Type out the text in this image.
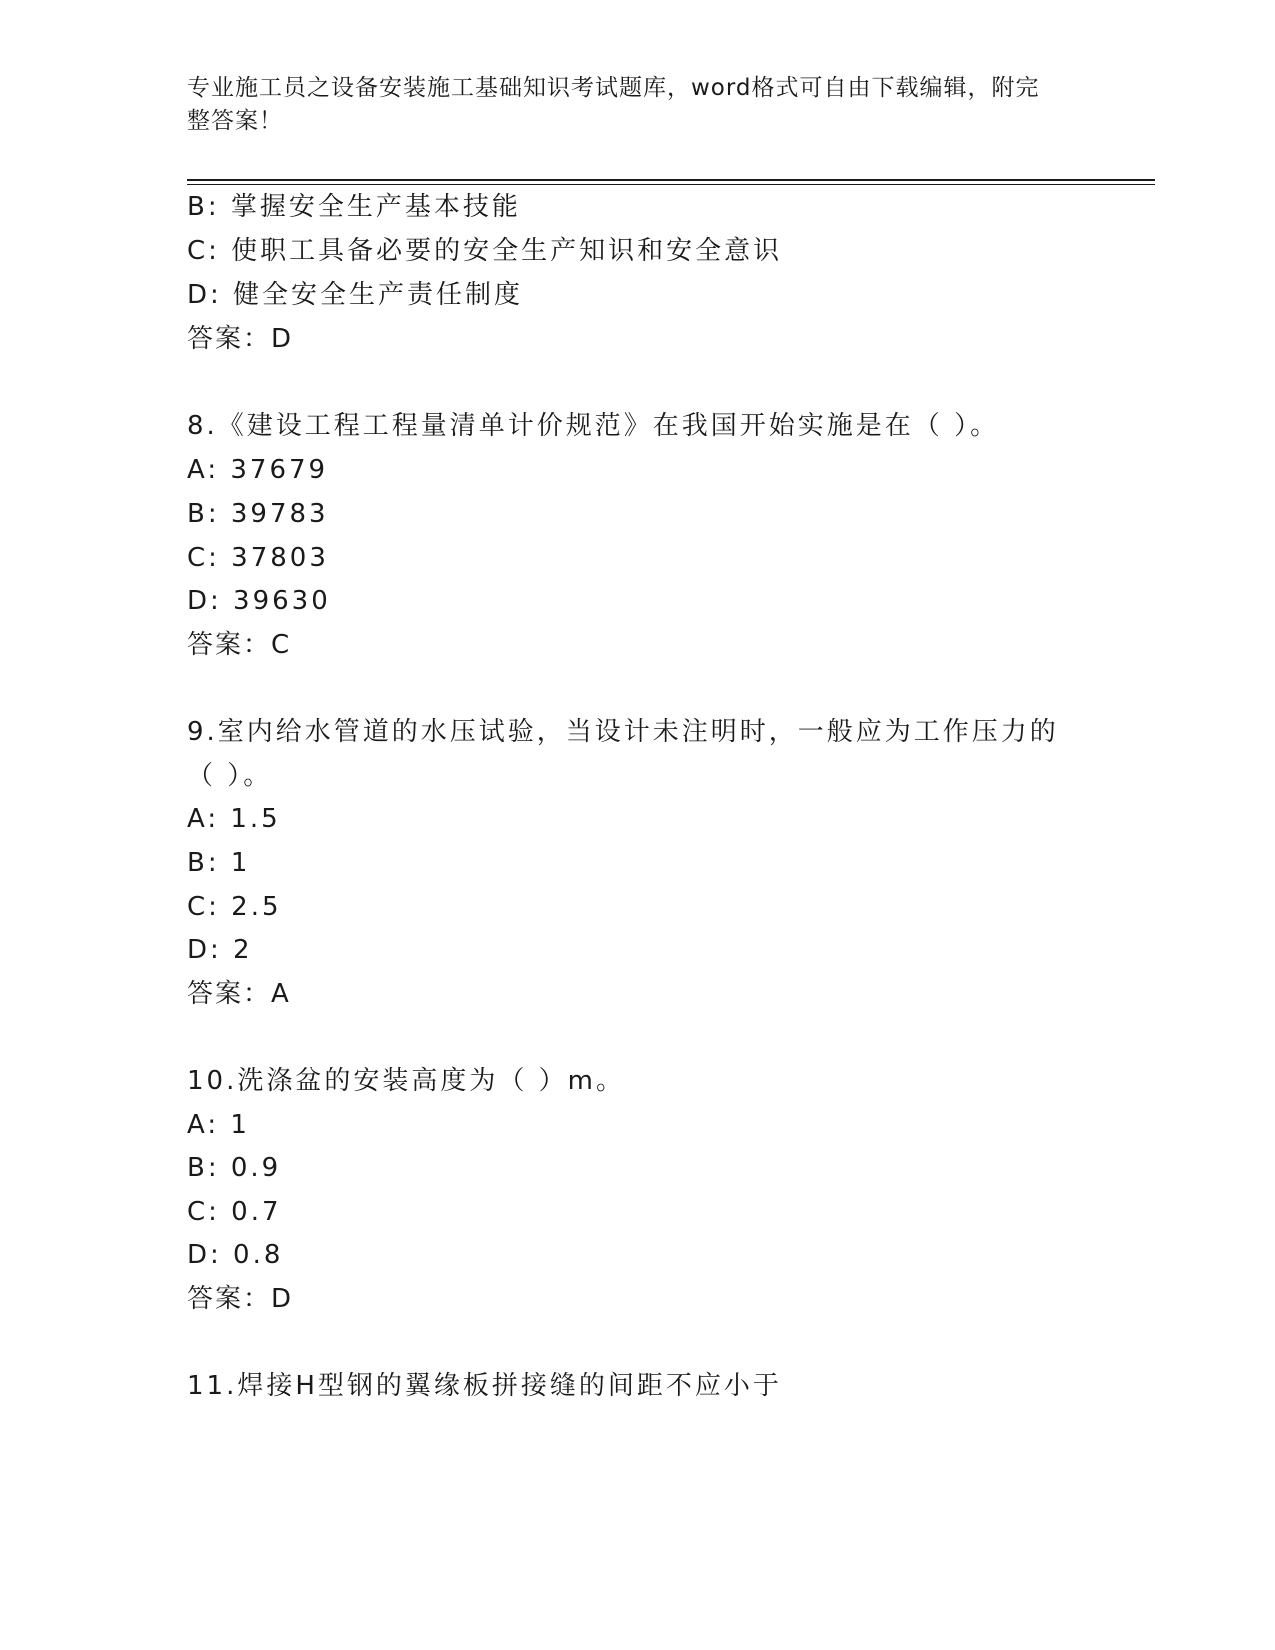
专业施工员之设备安装施工基础知识考试题库，word格式可自由下载编辑，附完
整答案！
B: 掌握安全生产基本技能
C: 使职工具备必要的安全生产知识和安全意识
D: 健全安全生产责任制度
答案：D
8.《建设工程工程量清单计价规范》在我国开始实施是在（ ）。
A: 37679
B: 39783
C: 37803
D: 39630
答案：C
9.室内给水管道的水压试验，当设计未注明时，一般应为工作压力的
（ ）。
A: 1.5
B: 1
C: 2.5
D: 2
答案：A
10.洗涤盆的安装高度为（ ）m。
A: 1
B: 0.9
C: 0.7
D: 0.8
答案：D
11.焊接H型钢的翼缘板拼接缝的间距不应小于
